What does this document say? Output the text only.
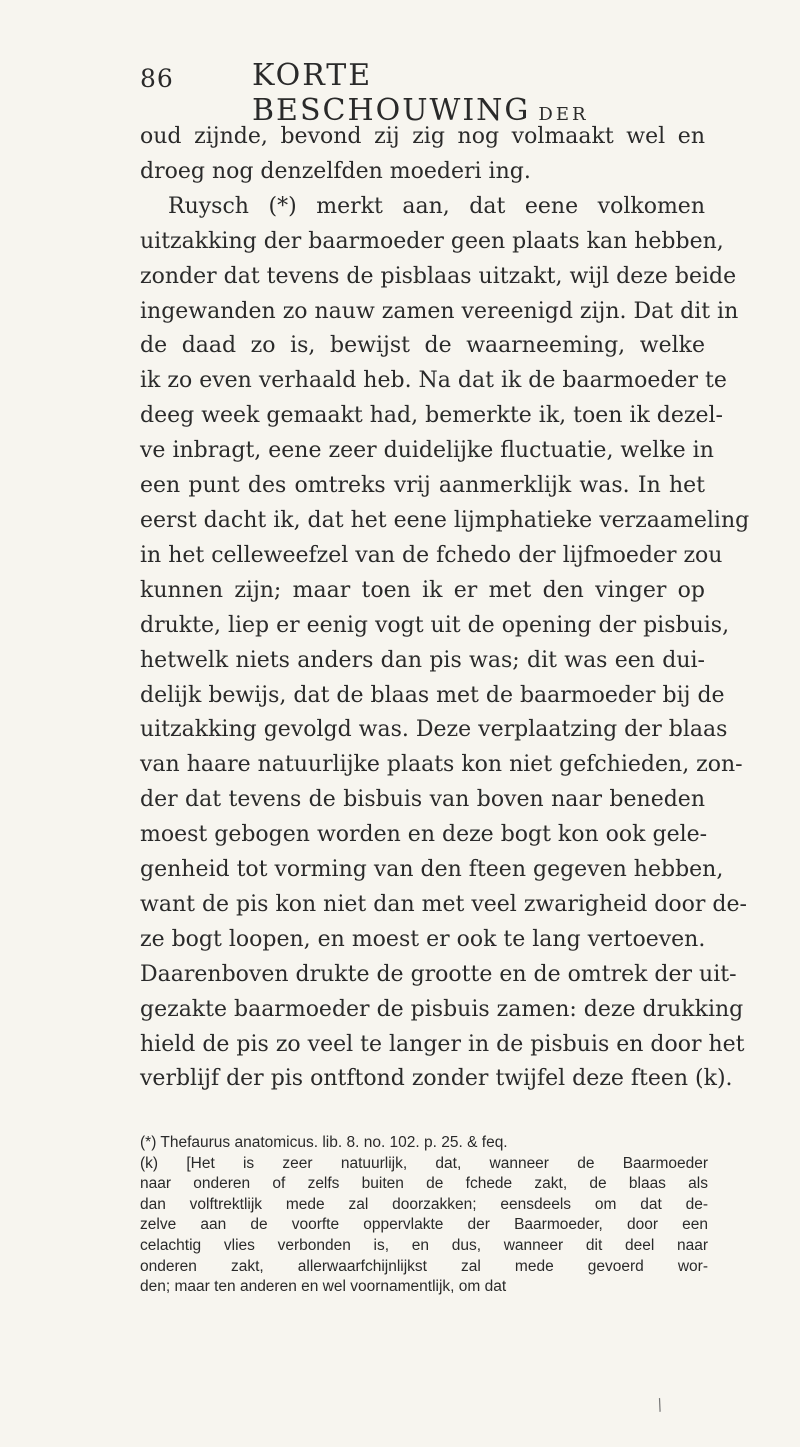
86	KORTE BESCHOUWING DER
oud zijnde, bevond zij zig nog volmaakt wel en
droeg nog denzelfden moederi ing.
Ruysch (*) merkt aan, dat eene volkomen
uitzakking der baarmoeder geen plaats kan hebben,
zonder dat tevens de pisblaas uitzakt, wijl deze beide
ingewanden zo nauw zamen vereenigd zijn. Dat dit in
de daad zo is, bewijst de waarneeming, welke
ik zo even verhaald heb. Na dat ik de baarmoeder te
deeg week gemaakt had, bemerkte ik, toen ik dezel-
ve inbragt, eene zeer duidelijke fluctuatie, welke in
een punt des omtreks vrij aanmerklijk was. In het
eerst dacht ik, dat het eene lijmphatieke verzaameling
in het celleweefzel van de fchedo der lijfmoeder zou
kunnen zijn; maar toen ik er met den vinger op
drukte, liep er eenig vogt uit de opening der pisbuis,
hetwelk niets anders dan pis was; dit was een dui-
delijk bewijs, dat de blaas met de baarmoeder bij de
uitzakking gevolgd was. Deze verplaatzing der blaas
van haare natuurlijke plaats kon niet gefchieden, zon-
der dat tevens de bisbuis van boven naar beneden
moest gebogen worden en deze bogt kon ook gele-
genheid tot vorming van den fteen gegeven hebben,
want de pis kon niet dan met veel zwarigheid door de-
ze bogt loopen, en moest er ook te lang vertoeven.
Daarenboven drukte de grootte en de omtrek der uit-
gezakte baarmoeder de pisbuis zamen: deze drukking
hield de pis zo veel te langer in de pisbuis en door het
verblijf der pis ontftond zonder twijfel deze fteen (k).
(*) Thefaurus anatomicus. lib. 8. no. 102. p. 25. & feq.
(k) [Het is zeer natuurlijk, dat, wanneer de Baarmoeder
naar onderen of zelfs buiten de fchede zakt, de blaas als
dan volftrektlijk mede zal doorzakken; eensdeels om dat de-
zelve aan de voorfte oppervlakte der Baarmoeder, door een
celachtig vlies verbonden is, en dus, wanneer dit deel naar
onderen zakt, allerwaarfchijnlijkst zal mede gevoerd wor-
den; maar ten anderen en wel voornamentlijk, om dat
/
